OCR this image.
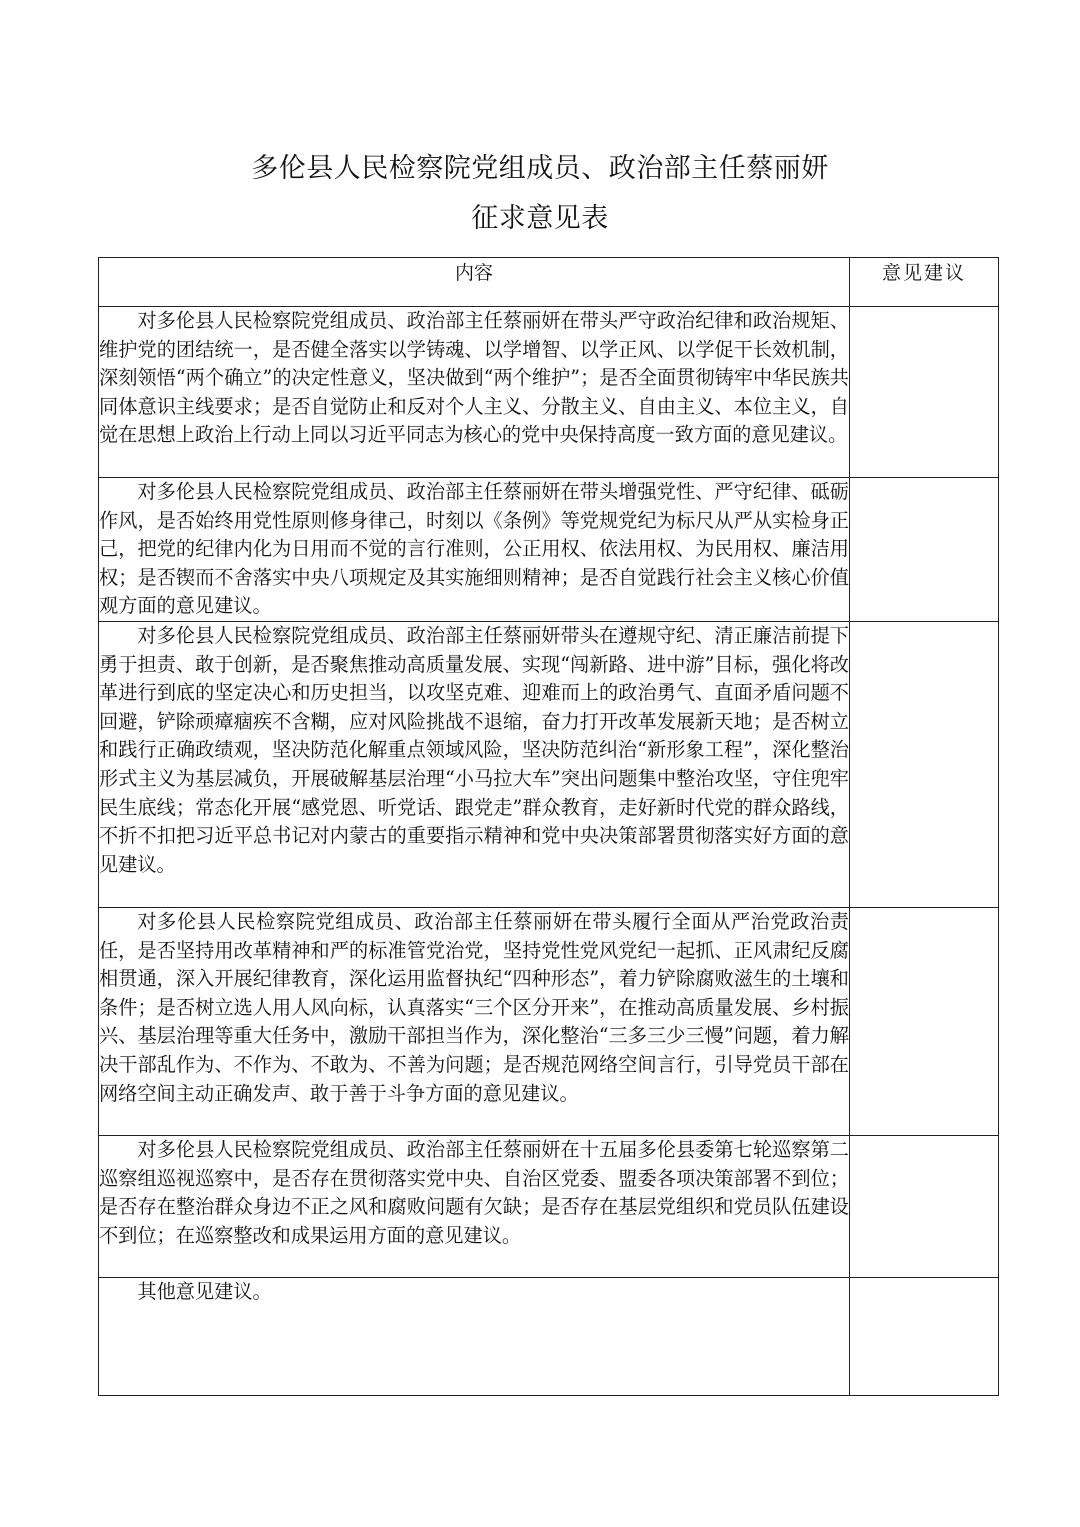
多伦县人民检察院党组成员、政治部主任蔡丽妍
征求意见表
内容	意见建议
对多伦县人民检察院党组成员、政治部主任蔡丽妍在带头严守政治纪律和政治规矩、维护党的团结统一，是否健全落实以学铸魂、以学增智、以学正风、以学促干长效机制，深刻领悟“两个确立”的决定性意义，坚决做到“两个维护”；是否全面贯彻铸牢中华民族共同体意识主线要求；是否自觉防止和反对个人主义、分散主义、自由主义、本位主义，自觉在思想上政治上行动上同以习近平同志为核心的党中央保持高度一致方面的意见建议。	
对多伦县人民检察院党组成员、政治部主任蔡丽妍在带头增强党性、严守纪律、砥砺作风，是否始终用党性原则修身律己，时刻以《条例》等党规党纪为标尺从严从实检身正己，把党的纪律内化为日用而不觉的言行准则，公正用权、依法用权、为民用权、廉洁用权；是否锲而不舍落实中央八项规定及其实施细则精神；是否自觉践行社会主义核心价值观方面的意见建议。	
对多伦县人民检察院党组成员、政治部主任蔡丽妍带头在遵规守纪、清正廉洁前提下勇于担责、敢于创新，是否聚焦推动高质量发展、实现“闯新路、进中游”目标，强化将改革进行到底的坚定决心和历史担当，以攻坚克难、迎难而上的政治勇气、直面矛盾问题不回避，铲除顽瘴痼疾不含糊，应对风险挑战不退缩，奋力打开改革发展新天地；是否树立和践行正确政绩观，坚决防范化解重点领域风险，坚决防范纠治“新形象工程”，深化整治形式主义为基层减负，开展破解基层治理“小马拉大车”突出问题集中整治攻坚，守住兜牢民生底线；常态化开展“感党恩、听党话、跟党走”群众教育，走好新时代党的群众路线，不折不扣把习近平总书记对内蒙古的重要指示精神和党中央决策部署贯彻落实好方面的意见建议。	
对多伦县人民检察院党组成员、政治部主任蔡丽妍在带头履行全面从严治党政治责任，是否坚持用改革精神和严的标准管党治党，坚持党性党风党纪一起抓、正风肃纪反腐相贯通，深入开展纪律教育，深化运用监督执纪“四种形态”，着力铲除腐败滋生的土壤和条件；是否树立选人用人风向标，认真落实“三个区分开来”，在推动高质量发展、乡村振兴、基层治理等重大任务中，激励干部担当作为，深化整治“三多三少三慢”问题，着力解决干部乱作为、不作为、不敢为、不善为问题；是否规范网络空间言行，引导党员干部在网络空间主动正确发声、敢于善于斗争方面的意见建议。	
对多伦县人民检察院党组成员、政治部主任蔡丽妍在十五届多伦县委第七轮巡察第二巡察组巡视巡察中，是否存在贯彻落实党中央、自治区党委、盟委各项决策部署不到位；是否存在整治群众身边不正之风和腐败问题有欠缺；是否存在基层党组织和党员队伍建设不到位；在巡察整改和成果运用方面的意见建议。	
其他意见建议。	
